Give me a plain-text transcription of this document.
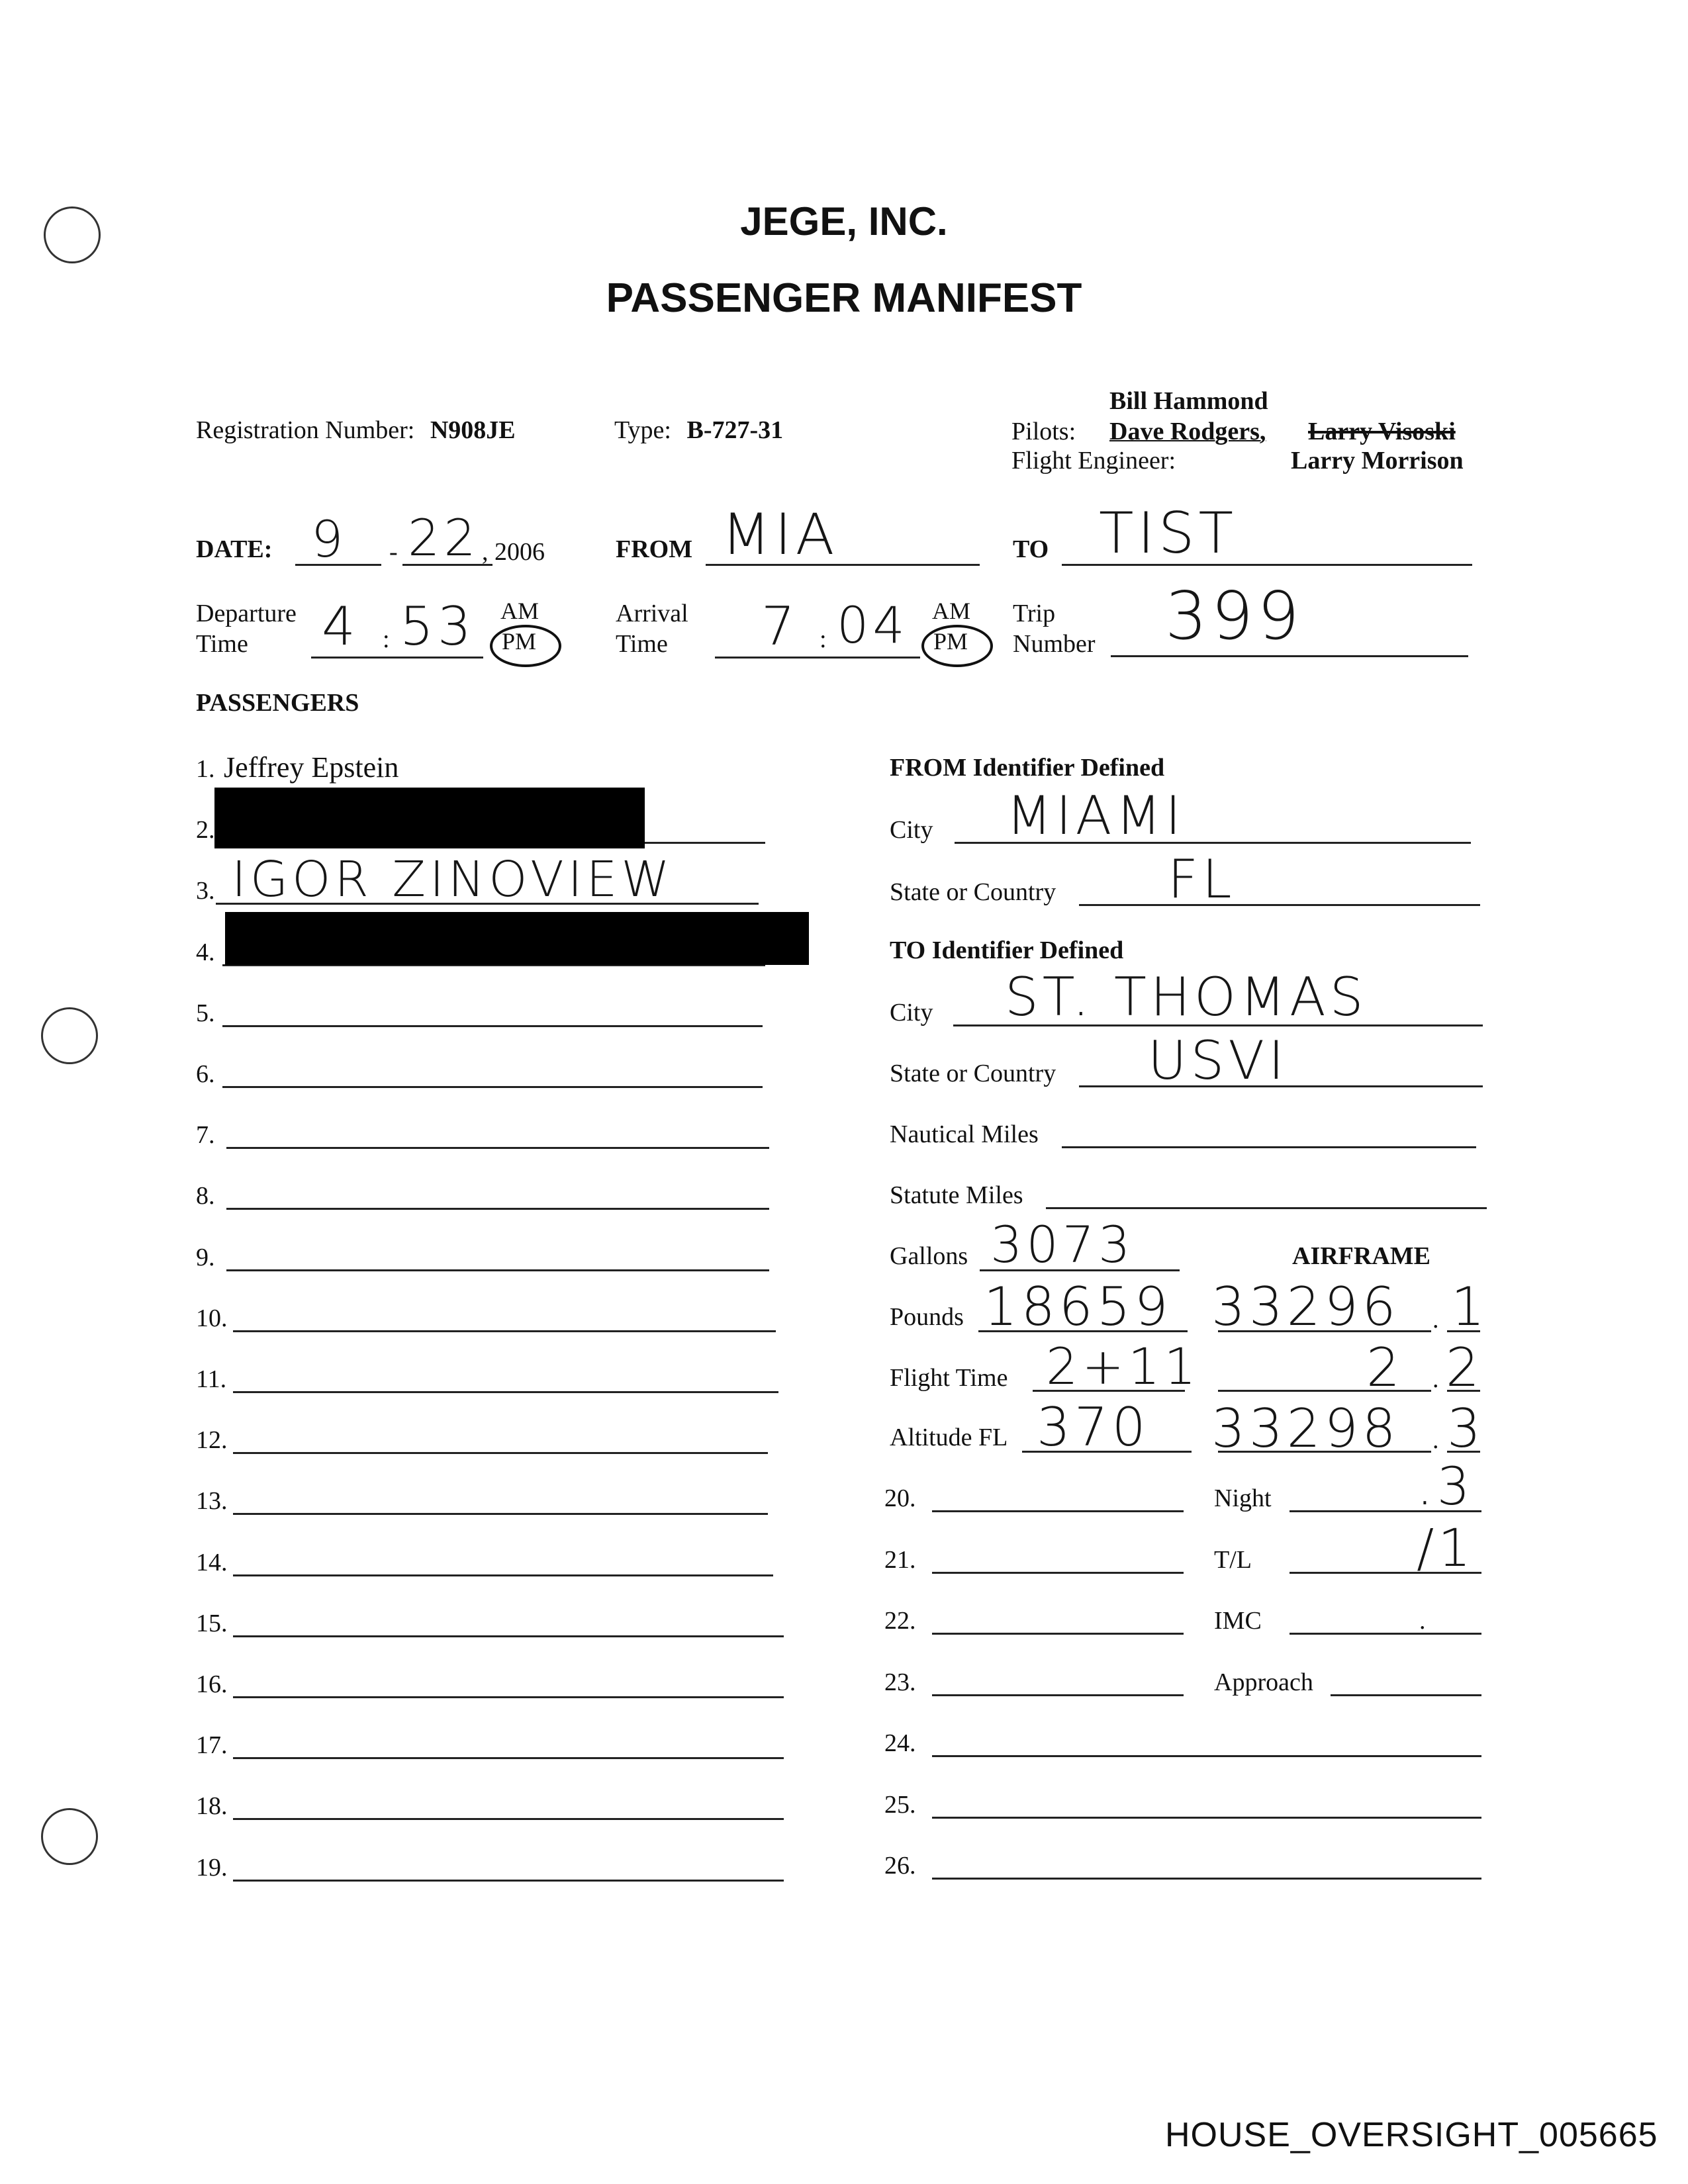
JEGE, INC.
PASSENGER MANIFEST
Registration Number: N908JE	Type: B-727-31
Bill Hammond
Pilots: Dave Rodgers, Larry Visoski
Flight Engineer:	Larry Morrison
DATE: 9 - 22 , 2006	FROM MIA	TO TIST
Departure
Time	4 : 53 AM
PM
Arrival
Time	7 : 04 AM
PM
Trip
Number 399
PASSENGERS
1. Jeffrey Epstein
2.
3. IGOR ZINOVIEW
4.
5.
6.
7.
8.
9.
10.
11.
12.
13.
14.
15.
16.
17.
18.
19.
FROM Identifier Defined
City MIAMI
State or Country FL
TO Identifier Defined
City ST. THOMAS
State or Country USVI
Nautical Miles
Statute Miles
Gallons 3073	AIRFRAME
Pounds 18659 33296 . 1
Flight Time 2+11	2 . 2
Altitude FL 370 33298 . 3
20.	Night	.3
21.	T/L	/1
22.	IMC	.
23.	Approach
24.
25.
26.
HOUSE_OVERSIGHT_005665
